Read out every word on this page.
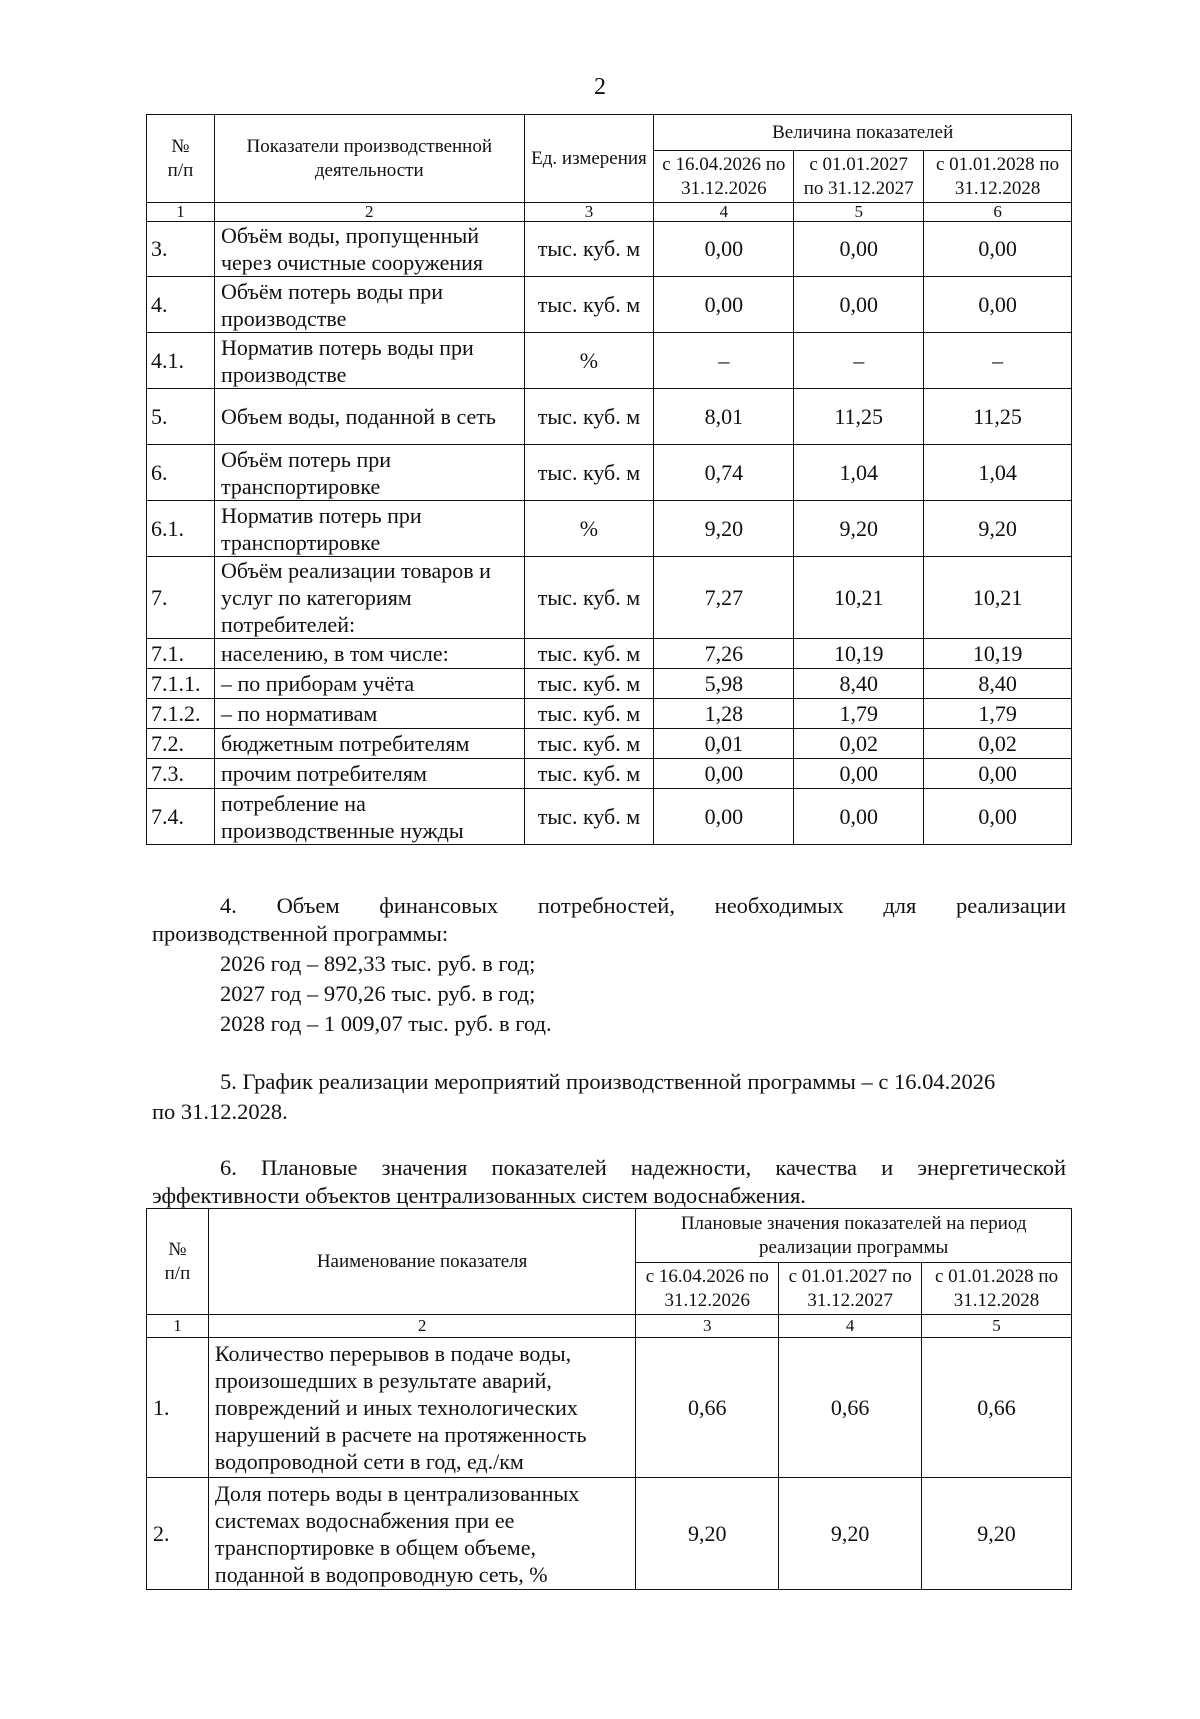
2
№
п/п	Показатели производственной деятельности	Ед. измерения	Величина показателей		
			с 16.04.2026 по 31.12.2026	с 01.01.2027 по 31.12.2027	с 01.01.2028 по 31.12.2028
1	2	3	4	5	6
3.	Объём воды, пропущенный через очистные сооружения	тыс. куб. м	0,00	0,00	0,00
4.	Объём потерь воды при производстве	тыс. куб. м	0,00	0,00	0,00
4.1.	Норматив потерь воды при производстве	%	–	–	–
5.	Объем воды, поданной в сеть	тыс. куб. м	8,01	11,25	11,25
6.	Объём потерь при транспортировке	тыс. куб. м	0,74	1,04	1,04
6.1.	Норматив потерь при транспортировке	%	9,20	9,20	9,20
7.	Объём реализации товаров и услуг по категориям потребителей:	тыс. куб. м	7,27	10,21	10,21
7.1.	населению, в том числе:	тыс. куб. м	7,26	10,19	10,19
7.1.1.	– по приборам учёта	тыс. куб. м	5,98	8,40	8,40
7.1.2.	– по нормативам	тыс. куб. м	1,28	1,79	1,79
7.2.	бюджетным потребителям	тыс. куб. м	0,01	0,02	0,02
7.3.	прочим потребителям	тыс. куб. м	0,00	0,00	0,00
7.4.	потребление на производственные нужды	тыс. куб. м	0,00	0,00	0,00
4. Объем финансовых потребностей, необходимых для реализации
производственной программы:
2026 год – 892,33 тыс. руб. в год;
2027 год – 970,26 тыс. руб. в год;
2028 год – 1 009,07 тыс. руб. в год.
5. График реализации мероприятий производственной программы – с 16.04.2026
по 31.12.2028.
6. Плановые значения показателей надежности, качества и энергетической
эффективности объектов централизованных систем водоснабжения.
№
п/п	Наименование показателя	Плановые значения показателей на период реализации программы		
		с 16.04.2026 по 31.12.2026	с 01.01.2027 по 31.12.2027	с 01.01.2028 по 31.12.2028
1	2	3	4	5
1.	Количество перерывов в подаче воды, произошедших в результате аварий, повреждений и иных технологических нарушений в расчете на протяженность водопроводной сети в год, ед./км	0,66	0,66	0,66
2.	Доля потерь воды в централизованных системах водоснабжения при ее транспортировке в общем объеме, поданной в водопроводную сеть, %	9,20	9,20	9,20
